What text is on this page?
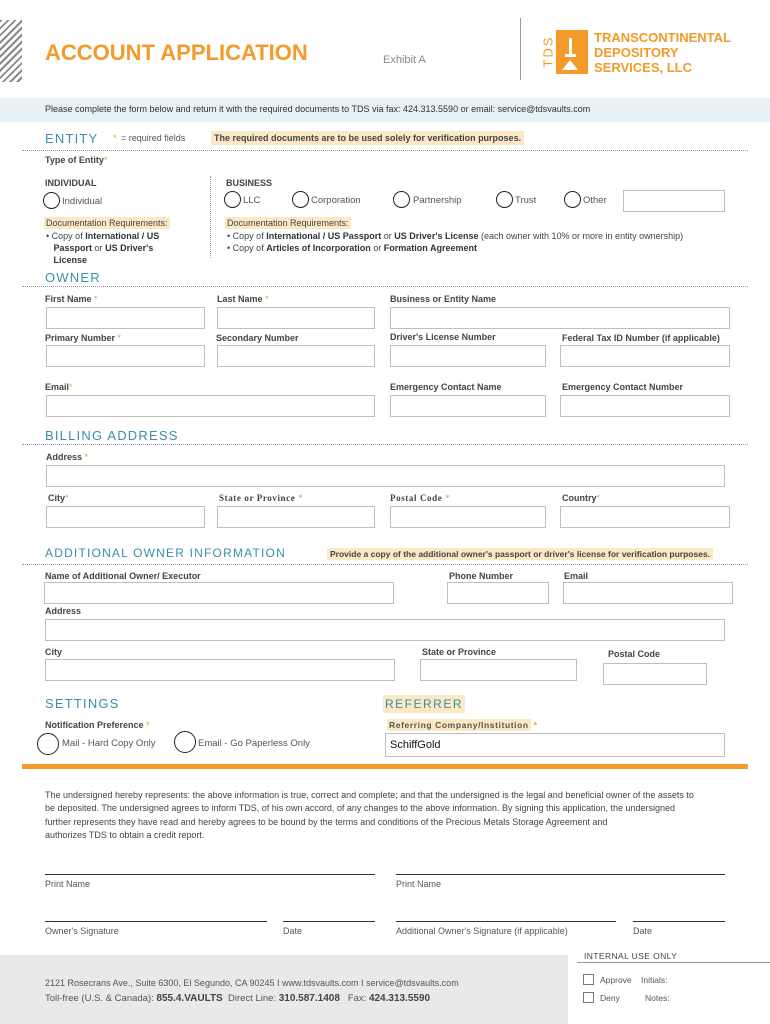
ACCOUNT APPLICATION	Exhibit A	TDS	TRANSCONTINENTAL
DEPOSITORY
SERVICES, LLC
Please complete the form below and return it with the required documents to TDS via fax: 424.313.5590 or email: service@tdsvaults.com
ENTITY * = required fields	The required documents are to be used solely for verification purposes.
Type of Entity*
INDIVIDUAL	BUSINESS
Individual	LLC	Corporation	Partnership	Trust	Other
Documentation Requirements:
• Copy of International / US
Passport or US Driver's
License
Documentation Requirements:
• Copy of International / US Passport or US Driver's License (each owner with 10% or more in entity ownership)
• Copy of Articles of Incorporation or Formation Agreement
OWNER
First Name *	Last Name *	Business or Entity Name
Primary Number *	Secondary Number	Driver's License Number	Federal Tax ID Number (if applicable)
Email*	Emergency Contact Name	Emergency Contact Number
BILLING ADDRESS
Address *
City*	State or Province *	Postal Code *	Country*
ADDITIONAL OWNER INFORMATION	Provide a copy of the additional owner's passport or driver's license for verification purposes.
Name of Additional Owner/ Executor	Phone Number	Email
Address
City	State or Province	Postal Code
SETTINGS
Notification Preference *
Mail - Hard Copy Only	Email - Go Paperless Only
REFERRER
Referring Company/Institution *
SchiffGold
The undersigned hereby represents: the above information is true, correct and complete; and that the undersigned is the legal and beneficial owner of the assets to
be deposited. The undersigned agrees to inform TDS, of his own accord, of any changes to the above information. By signing this application, the undersigned
further represents they have read and hereby agrees to be bound by the terms and conditions of the Precious Metals Storage Agreement and
authorizes TDS to obtain a credit report.
Print Name	Print Name
Owner's Signature	Date	Additional Owner's Signature (if applicable)	Date
2121 Rosecrans Ave., Suite 6300, El Segundo, CA 90245 I www.tdsvaults.com I service@tdsvaults.com
Toll-free (U.S. & Canada): 855.4.VAULTS Direct Line: 310.587.1408 Fax: 424.313.5590
INTERNAL USE ONLY
Approve Initials:
Deny	Notes:
